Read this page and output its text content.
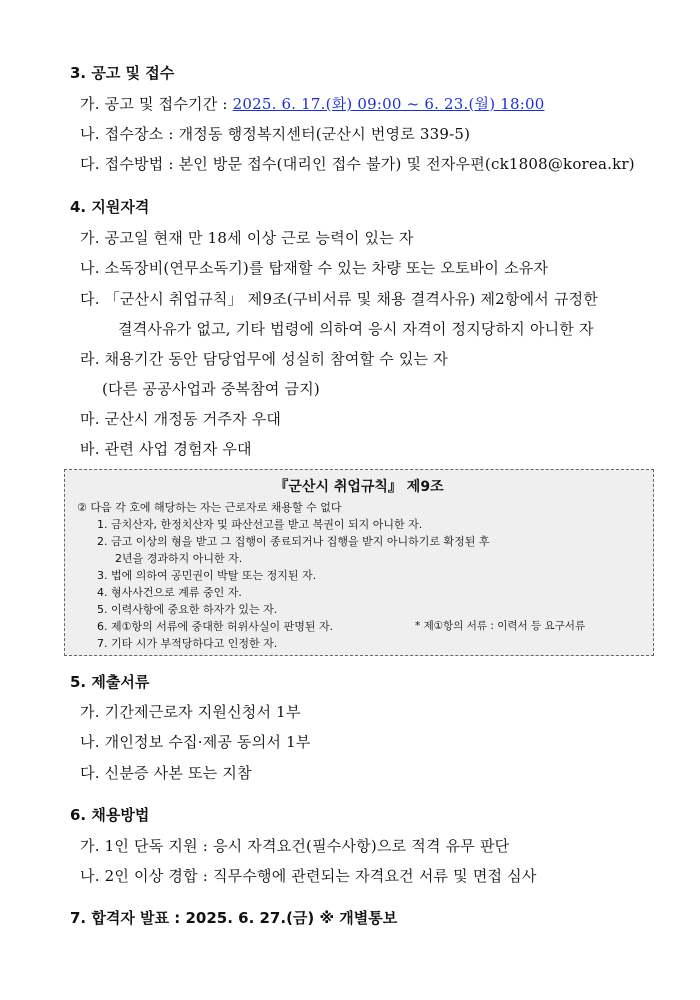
3. 공고 및 접수
가. 공고 및 접수기간 : 2025. 6. 17.(화) 09:00 ~ 6. 23.(월) 18:00
나. 접수장소 : 개정동 행정복지센터(군산시 번영로 339-5)
다. 접수방법 : 본인 방문 접수(대리인 접수 불가) 및 전자우편(ck1808@korea.kr)
4. 지원자격
가. 공고일 현재 만 18세 이상 근로 능력이 있는 자
나. 소독장비(연무소독기)를 탑재할 수 있는 차량 또는 오토바이 소유자
다. 「군산시 취업규칙」 제9조(구비서류 및 채용 결격사유) 제2항에서 규정한
결격사유가 없고, 기타 법령에 의하여 응시 자격이 정지당하지 아니한 자
라. 채용기간 동안 담당업무에 성실히 참여할 수 있는 자
(다른 공공사업과 중복참여 금지)
마. 군산시 개정동 거주자 우대
바. 관련 사업 경험자 우대
『군산시 취업규칙』 제9조
② 다음 각 호에 해당하는 자는 근로자로 채용할 수 없다
1. 금치산자, 한정치산자 및 파산선고를 받고 복권이 되지 아니한 자.
2. 금고 이상의 형을 받고 그 집행이 종료되거나 집행을 받지 아니하기로 확정된 후
2년을 경과하지 아니한 자.
3. 법에 의하여 공민권이 박탈 또는 정지된 자.
4. 형사사건으로 계류 중인 자.
5. 이력사항에 중요한 하자가 있는 자.
6. 제①항의 서류에 중대한 허위사실이 판명된 자.	* 제①항의 서류 : 이력서 등 요구서류
7. 기타 시가 부적당하다고 인정한 자.
5. 제출서류
가. 기간제근로자 지원신청서 1부
나. 개인정보 수집·제공 동의서 1부
다. 신분증 사본 또는 지참
6. 채용방법
가. 1인 단독 지원 : 응시 자격요건(필수사항)으로 적격 유무 판단
나. 2인 이상 경합 : 직무수행에 관련되는 자격요건 서류 및 면접 심사
7. 합격자 발표 : 2025. 6. 27.(금) ※ 개별통보
